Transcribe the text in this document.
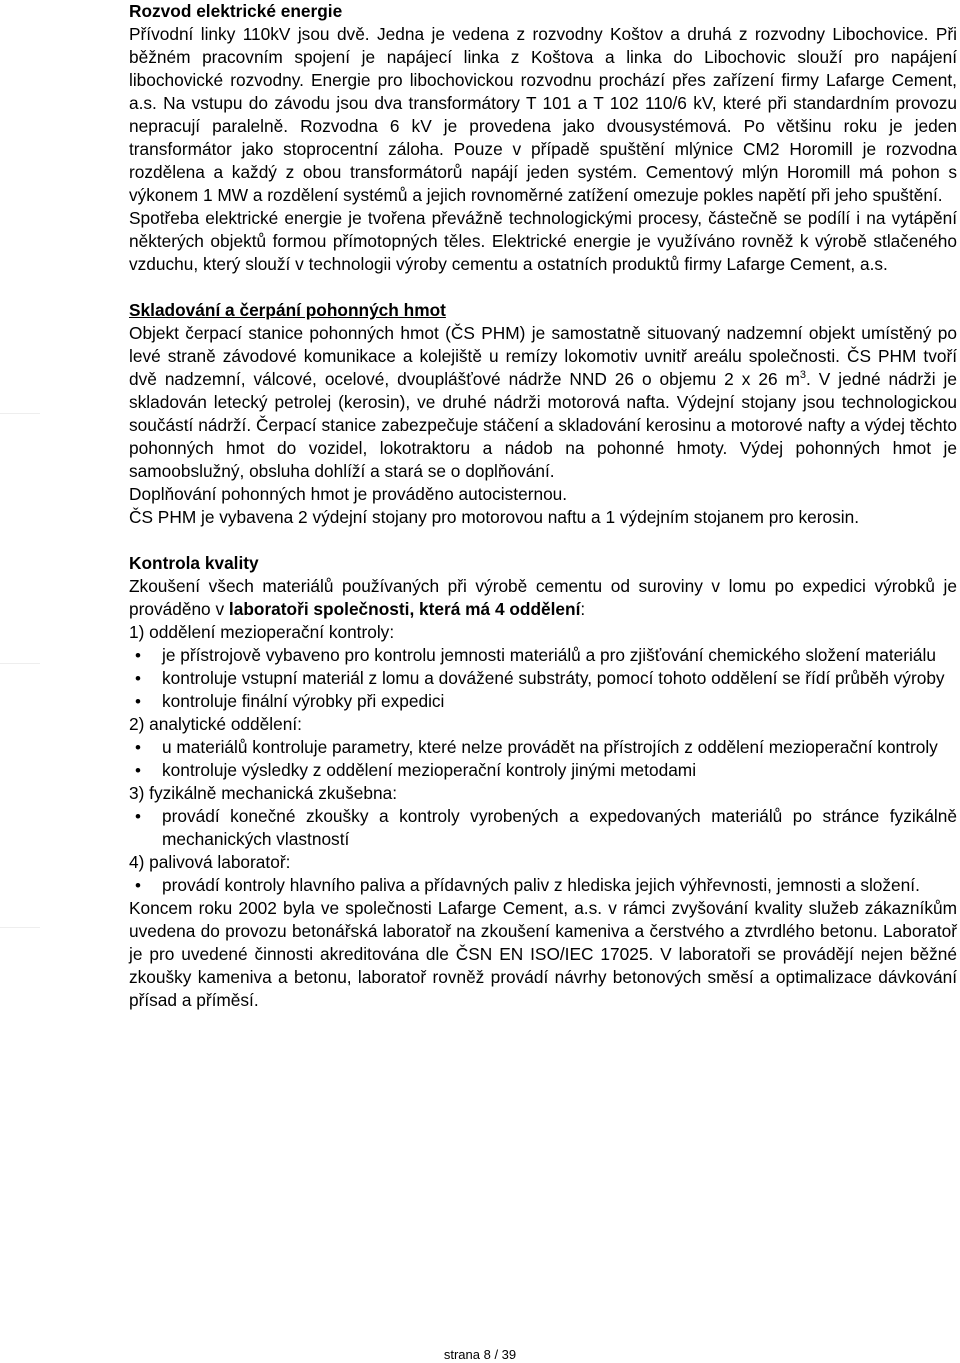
Rozvod elektrické energie

Přívodní linky 110kV jsou dvě. Jedna je vedena z rozvodny Koštov a druhá z rozvodny Libochovice. Při běžném pracovním spojení je napájecí linka z Koštova a linka do Libochovic slouží pro napájení libochovické rozvodny. Energie pro libochovickou rozvodnu prochází přes zařízení firmy Lafarge Cement, a.s. Na vstupu do závodu jsou dva transformátory T 101 a T 102 110/6 kV, které při standardním provozu nepracují paralelně. Rozvodna 6 kV je provedena jako dvousystémová. Po většinu roku je jeden transformátor jako stoprocentní záloha. Pouze v případě spuštění mlýnice CM2 Horomill je rozvodna rozdělena a každý z obou transformátorů napájí jeden systém. Cementový mlýn Horomill má pohon s výkonem 1 MW a rozdělení systémů a jejich rovnoměrné zatížení omezuje pokles napětí při jeho spuštění.

Spotřeba elektrické energie je tvořena převážně technologickými procesy, částečně se podílí i na vytápění některých objektů formou přímotopných těles. Elektrické energie je využíváno rovněž k výrobě stlačeného vzduchu, který slouží v technologii výroby cementu a ostatních produktů firmy Lafarge Cement, a.s.

Skladování a čerpání pohonných hmot

Objekt čerpací stanice pohonných hmot (ČS PHM) je samostatně situovaný nadzemní objekt umístěný po levé straně závodové komunikace a kolejiště u remízy lokomotiv uvnitř areálu společnosti. ČS PHM tvoří dvě nadzemní, válcové, ocelové, dvouplášťové nádrže NND 26 o objemu 2 x 26 $m^3$. V jedné nádrži je skladován letecký petrolej (kerosin), ve druhé nádrži motorová nafta. Výdejní stojany jsou technologickou součástí nádrží. Čerpací stanice zabezpečuje stáčení a skladování kerosinu a motorové nafty a výdej těchto pohonných hmot do vozidel, lokotraktoru a nádob na pohonné hmoty. Výdej pohonných hmot je samoobslužný, obsluha dohlíží a stará se o doplňování.

Doplňování pohonných hmot je prováděno autocisternou.

ČS PHM je vybavena 2 výdejní stojany pro motorovou naftu a 1 výdejním stojanem pro kerosin.

Kontrola kvality

Zkoušení všech materiálů používaných při výrobě cementu od suroviny v lomu po expedici výrobků je prováděno v laboratoři společnosti, která má 4 oddělení:

1) oddělení mezioperační kontroly:

• je přístrojově vybaveno pro kontrolu jemnosti materiálů a pro zjišťování chemického složení materiálu
• kontroluje vstupní materiál z lomu a dovážené substráty, pomocí tohoto oddělení se řídí průběh výroby
• kontroluje finální výrobky při expedici

2) analytické oddělení:

• u materiálů kontroluje parametry, které nelze provádět na přístrojích z oddělení mezioperační kontroly
• kontroluje výsledky z oddělení mezioperační kontroly jinými metodami

3) fyzikálně mechanická zkušebna:

• provádí konečné zkoušky a kontroly vyrobených a expedovaných materiálů po stránce fyzikálně mechanických vlastností

4) palivová laboratoř:

• provádí kontroly hlavního paliva a přídavných paliv z hlediska jejich výhřevnosti, jemnosti a složení.

Koncem roku 2002 byla ve společnosti Lafarge Cement, a.s. v rámci zvyšování kvality služeb zákazníkům uvedena do provozu betonářská laboratoř na zkoušení kameniva a čerstvého a ztvrdlého betonu. Laboratoř je pro uvedené činnosti akreditována dle ČSN EN ISO/IEC 17025. V laboratoři se provádějí nejen běžné zkoušky kameniva a betonu, laboratoř rovněž provádí návrhy betonových směsí a optimalizace dávkování přísad a příměsí.

strana 8 / 39
